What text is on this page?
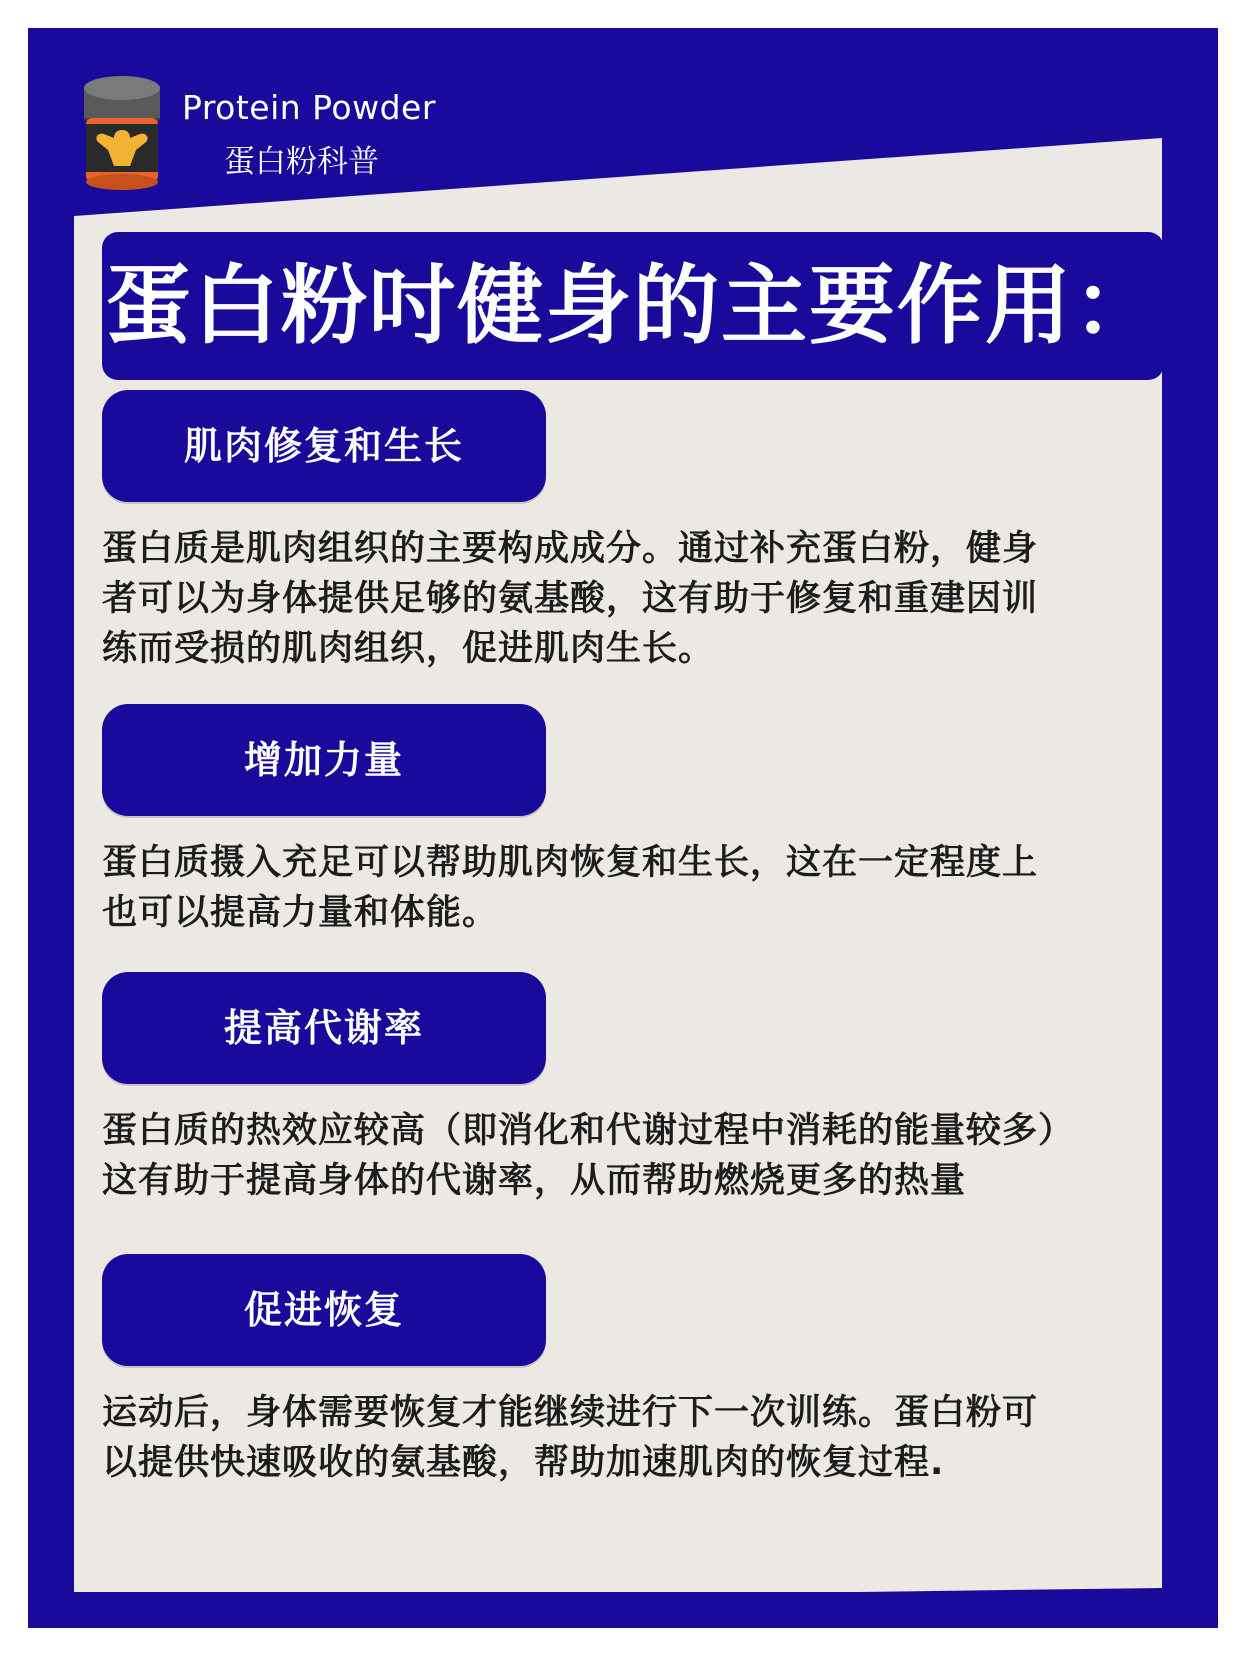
Protein Powder
蛋白粉科普
蛋白粉吋健身的主要作用：
肌肉修复和生长
蛋白质是肌肉组织的主要构成成分。通过补充蛋白粉，健身
者可以为身体提供足够的氨基酸，这有助于修复和重建因训
练而受损的肌肉组织，促进肌肉生长。
增加力量
蛋白质摄入充足可以帮助肌肉恢复和生长，这在一定程度上
也可以提高力量和体能。
提高代谢率
蛋白质的热效应较高（即消化和代谢过程中消耗的能量较多）
这有助于提高身体的代谢率，从而帮助燃烧更多的热量
促进恢复
运动后，身体需要恢复才能继续进行下一次训练。蛋白粉可
以提供快速吸收的氨基酸，帮助加速肌肉的恢复过程.
